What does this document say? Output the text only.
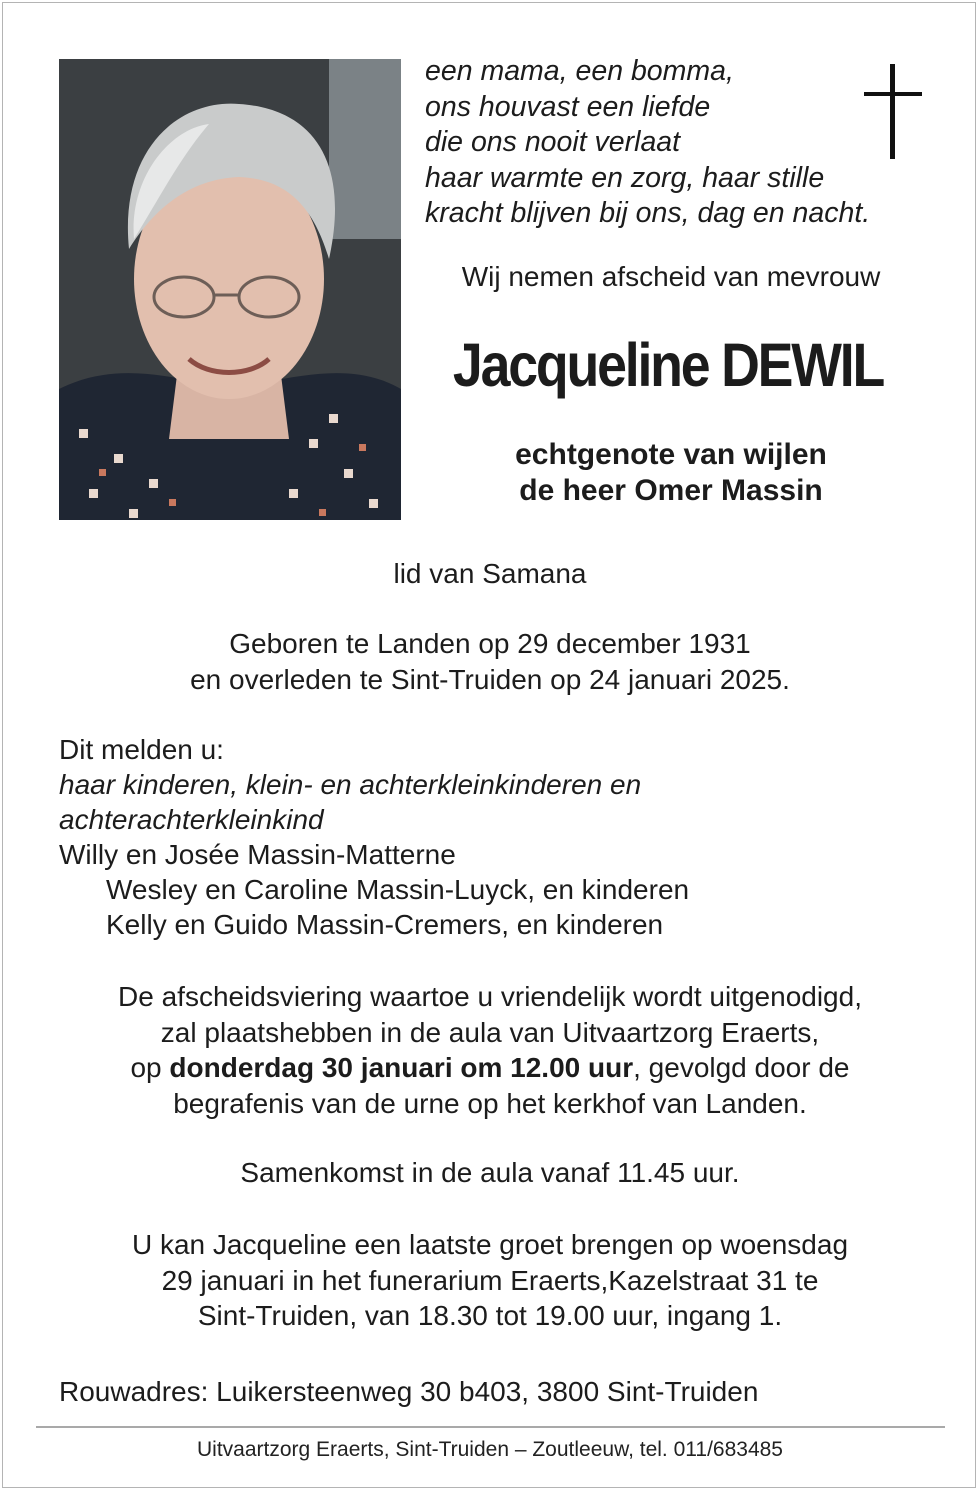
een mama, een bomma,
ons houvast een liefde
die ons nooit verlaat
haar warmte en zorg, haar stille
kracht blijven bij ons, dag en nacht.
Wij nemen afscheid van mevrouw
Jacqueline DEWIL
echtgenote van wijlen
de heer Omer Massin
lid van Samana
Geboren te Landen op 29 december 1931
en overleden te Sint-Truiden op 24 januari 2025.
Dit melden u:
haar kinderen, klein- en achterkleinkinderen en
achterachterkleinkind
Willy en Josée Massin-Matterne
Wesley en Caroline Massin-Luyck, en kinderen
Kelly en Guido Massin-Cremers, en kinderen
De afscheidsviering waartoe u vriendelijk wordt uitgenodigd,
zal plaatshebben in de aula van Uitvaartzorg Eraerts,
op donderdag 30 januari om 12.00 uur, gevolgd door de
begrafenis van de urne op het kerkhof van Landen.
Samenkomst in de aula vanaf 11.45 uur.
U kan Jacqueline een laatste groet brengen op woensdag
29 januari in het funerarium Eraerts,Kazelstraat 31 te
Sint-Truiden, van 18.30 tot 19.00 uur, ingang 1.
Rouwadres: Luikersteenweg 30 b403, 3800 Sint-Truiden
Uitvaartzorg Eraerts, Sint-Truiden – Zoutleeuw, tel. 011/683485
